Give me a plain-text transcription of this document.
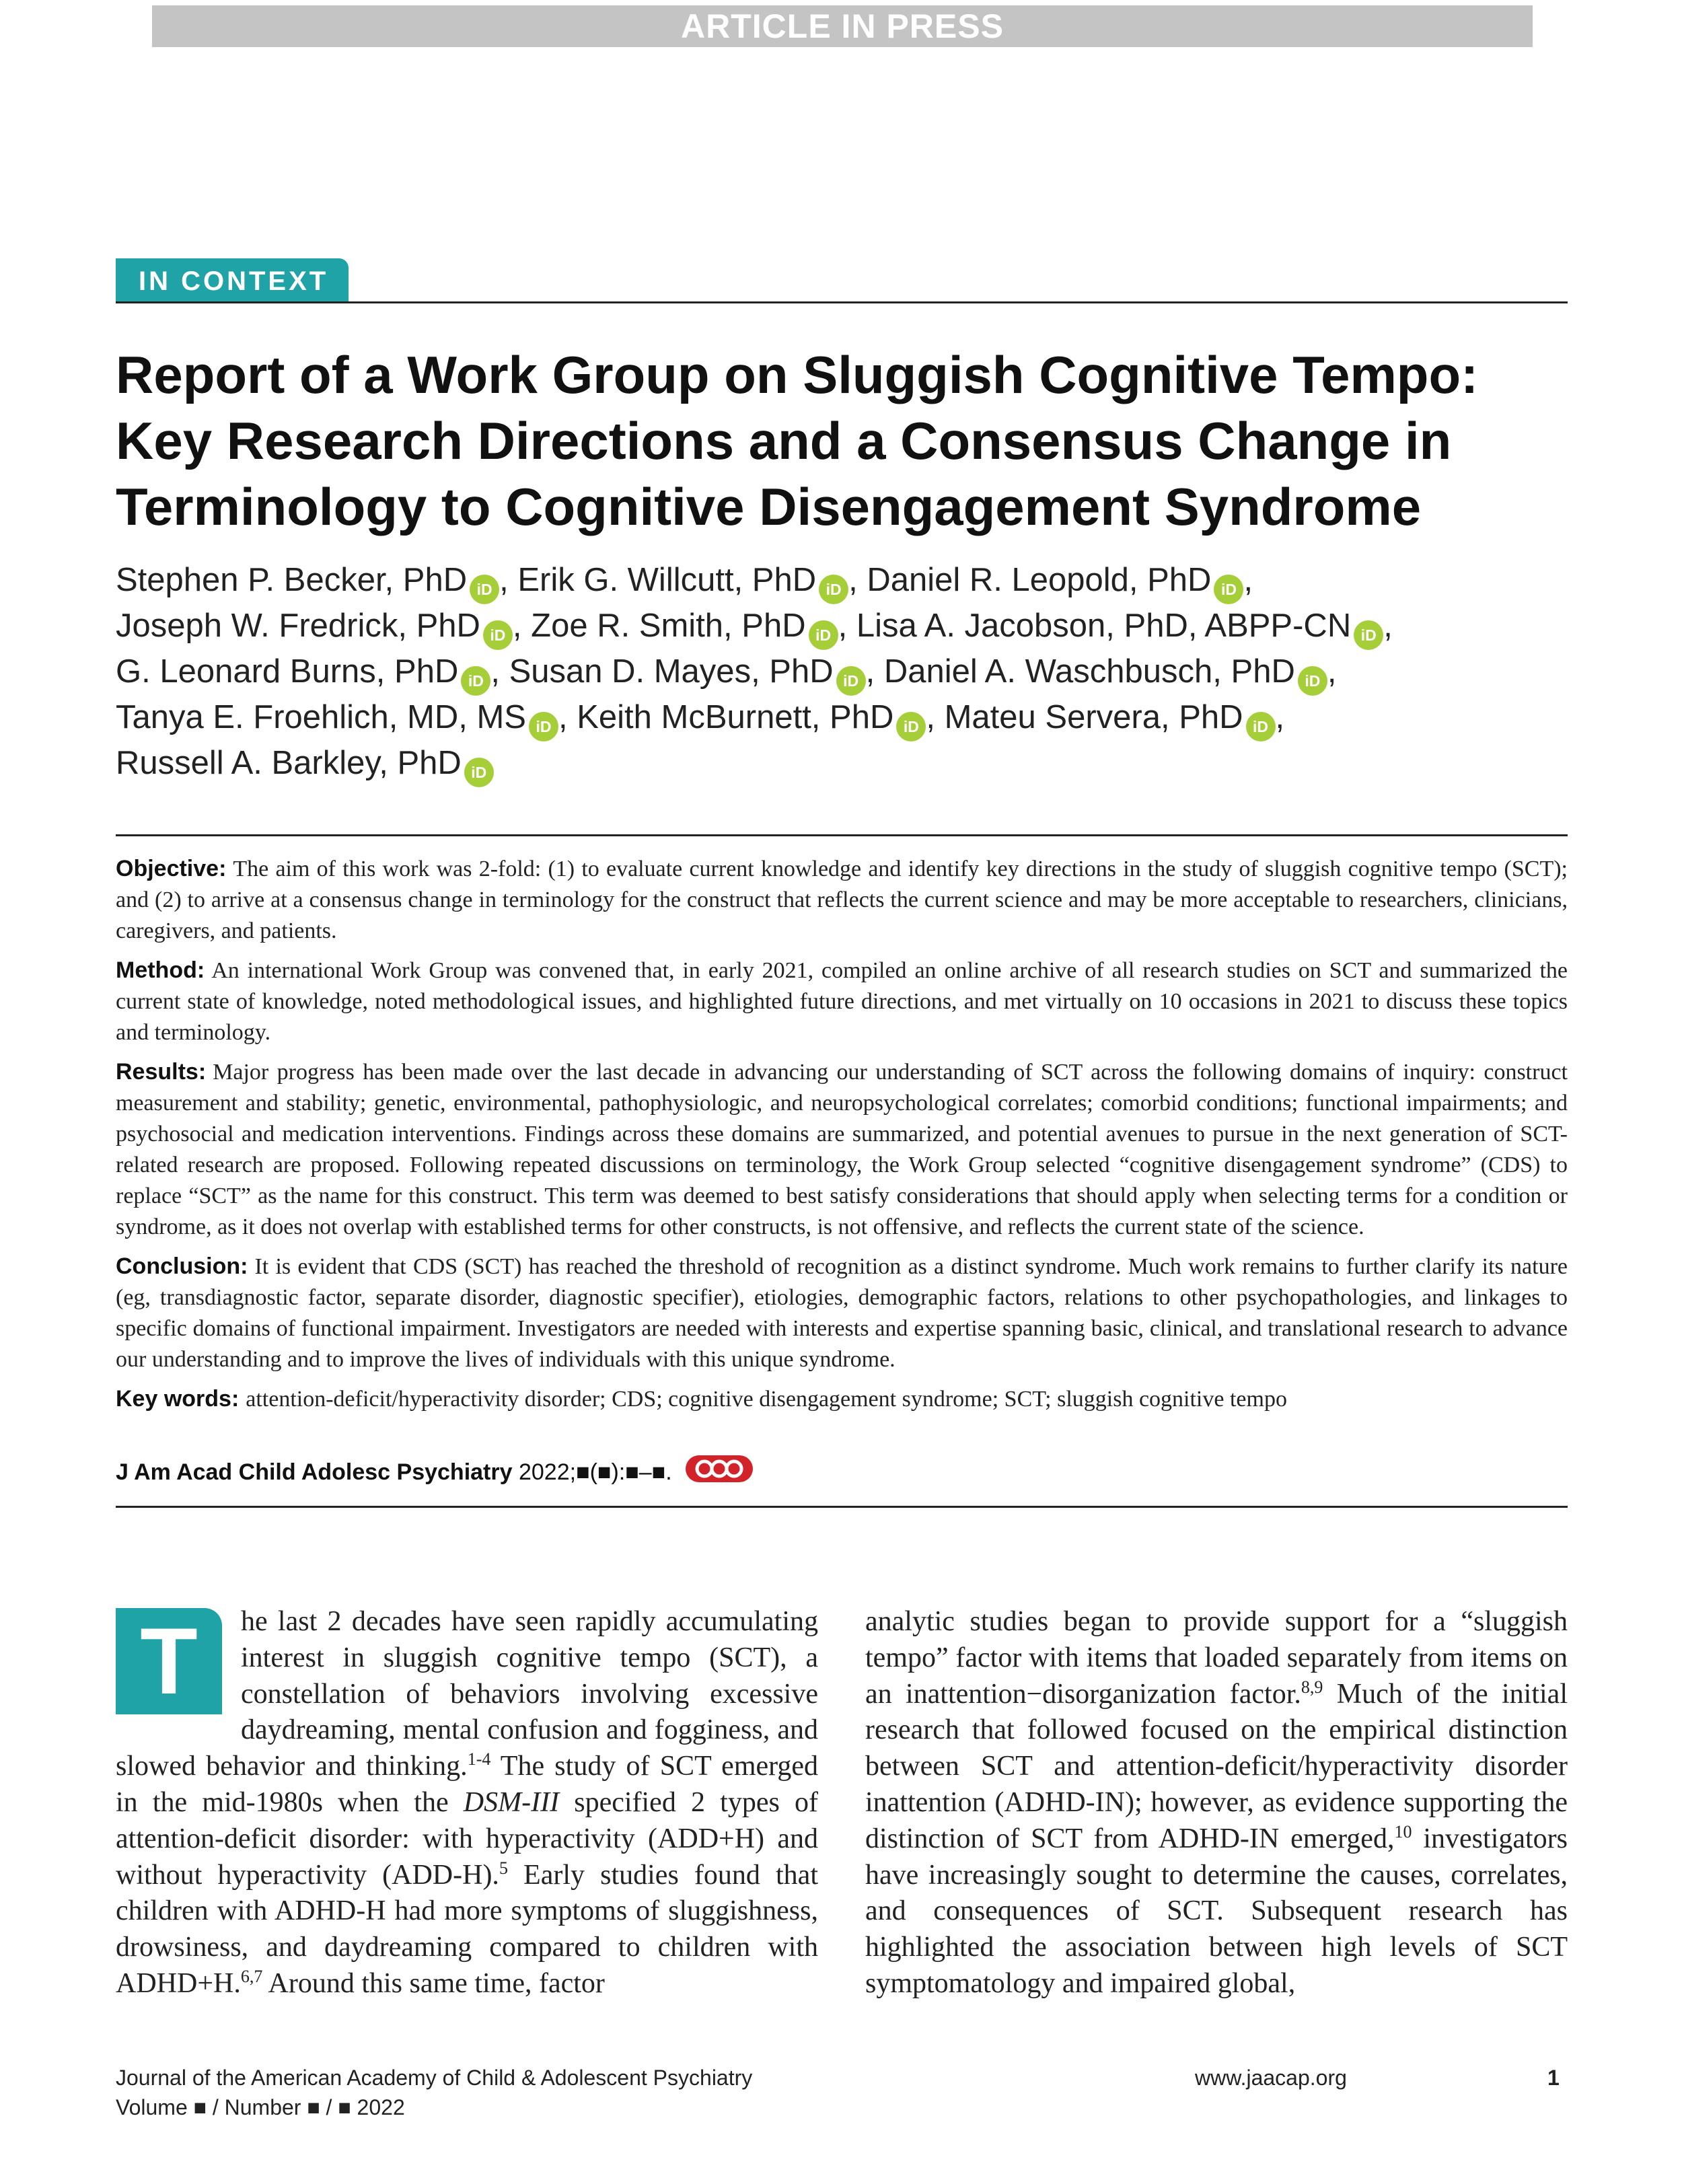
ARTICLE IN PRESS
IN CONTEXT
Report of a Work Group on Sluggish Cognitive Tempo: Key Research Directions and a Consensus Change in Terminology to Cognitive Disengagement Syndrome
Stephen P. Becker, PhD iD , Erik G. Willcutt, PhD iD , Daniel R. Leopold, PhD iD ,
Joseph W. Fredrick, PhD iD , Zoe R. Smith, PhD iD , Lisa A. Jacobson, PhD, ABPP-CN iD ,
G. Leonard Burns, PhD iD , Susan D. Mayes, PhD iD , Daniel A. Waschbusch, PhD iD ,
Tanya E. Froehlich, MD, MS iD , Keith McBurnett, PhD iD , Mateu Servera, PhD iD ,
Russell A. Barkley, PhD iD

Objective: The aim of this work was 2-fold: (1) to evaluate current knowledge and identify key directions in the study of sluggish cognitive tempo (SCT); and (2) to arrive at a consensus change in terminology for the construct that reflects the current science and may be more acceptable to researchers, clinicians, caregivers, and patients.

Method: An international Work Group was convened that, in early 2021, compiled an online archive of all research studies on SCT and summarized the current state of knowledge, noted methodological issues, and highlighted future directions, and met virtually on 10 occasions in 2021 to discuss these topics and terminology.

Results: Major progress has been made over the last decade in advancing our understanding of SCT across the following domains of inquiry: construct measurement and stability; genetic, environmental, pathophysiologic, and neuropsychological correlates; comorbid conditions; functional impairments; and psychosocial and medication interventions. Findings across these domains are summarized, and potential avenues to pursue in the next generation of SCT-related research are proposed. Following repeated discussions on terminology, the Work Group selected “cognitive disengagement syndrome” (CDS) to replace “SCT” as the name for this construct. This term was deemed to best satisfy considerations that should apply when selecting terms for a condition or syndrome, as it does not overlap with established terms for other constructs, is not offensive, and reflects the current state of the science.

Conclusion: It is evident that CDS (SCT) has reached the threshold of recognition as a distinct syndrome. Much work remains to further clarify its nature (eg, transdiagnostic factor, separate disorder, diagnostic specifier), etiologies, demographic factors, relations to other psychopathologies, and linkages to specific domains of functional impairment. Investigators are needed with interests and expertise spanning basic, clinical, and translational research to advance our understanding and to improve the lives of individuals with this unique syndrome.

Key words: attention-deficit/hyperactivity disorder; CDS; cognitive disengagement syndrome; SCT; sluggish cognitive tempo

J Am Acad Child Adolesc Psychiatry 2022;■(■):■–■.

T	he last 2 decades have seen rapidly accumulating interest in sluggish cognitive tempo (SCT), a constellation of behaviors involving excessive daydreaming, mental confusion and fogginess, and slowed behavior and thinking.$^{1-4}$ The study of SCT emerged in the mid-1980s when the DSM-III specified 2 types of attention-deficit disorder: with hyperactivity (ADD+H) and without hyperactivity (ADD-H).$^5$ Early studies found that children with ADHD-H had more symptoms of sluggishness, drowsiness, and daydreaming compared to children with ADHD+H.$^{6,7}$ Around this same time, factor

analytic studies began to provide support for a “sluggish tempo” factor with items that loaded separately from items on an inattention−disorganization factor.$^{8,9}$ Much of the initial research that followed focused on the empirical distinction between SCT and attention-deficit/hyperactivity disorder inattention (ADHD-IN); however, as evidence supporting the distinction of SCT from ADHD-IN emerged,$^{10}$ investigators have increasingly sought to determine the causes, correlates, and consequences of SCT. Subsequent research has highlighted the association between high levels of SCT symptomatology and impaired global,

Journal of the American Academy of Child & Adolescent Psychiatry
Volume ■ / Number ■ / ■ 2022
www.jaacap.org	1
